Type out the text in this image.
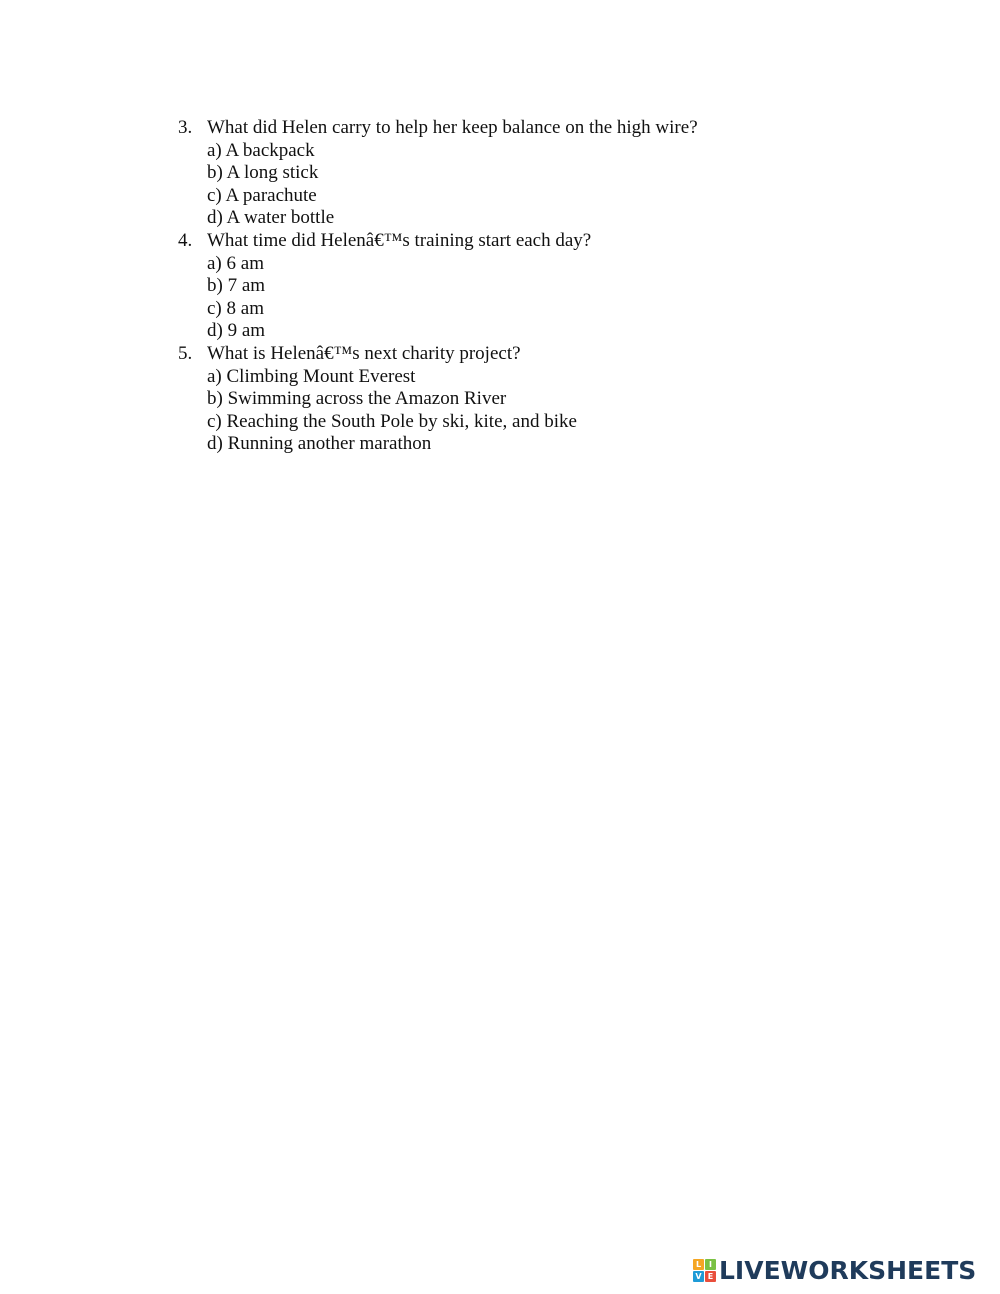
3. What did Helen carry to help her keep balance on the high wire?
a) A backpack
b) A long stick
c) A parachute
d) A water bottle
4. What time did Helenâ€™s training start each day?
a) 6 am
b) 7 am
c) 8 am
d) 9 am
5. What is Helenâ€™s next charity project?
a) Climbing Mount Everest
b) Swimming across the Amazon River
c) Reaching the South Pole by ski, kite, and bike
d) Running another marathon
L I
V E LIVEWORKSHEETS
